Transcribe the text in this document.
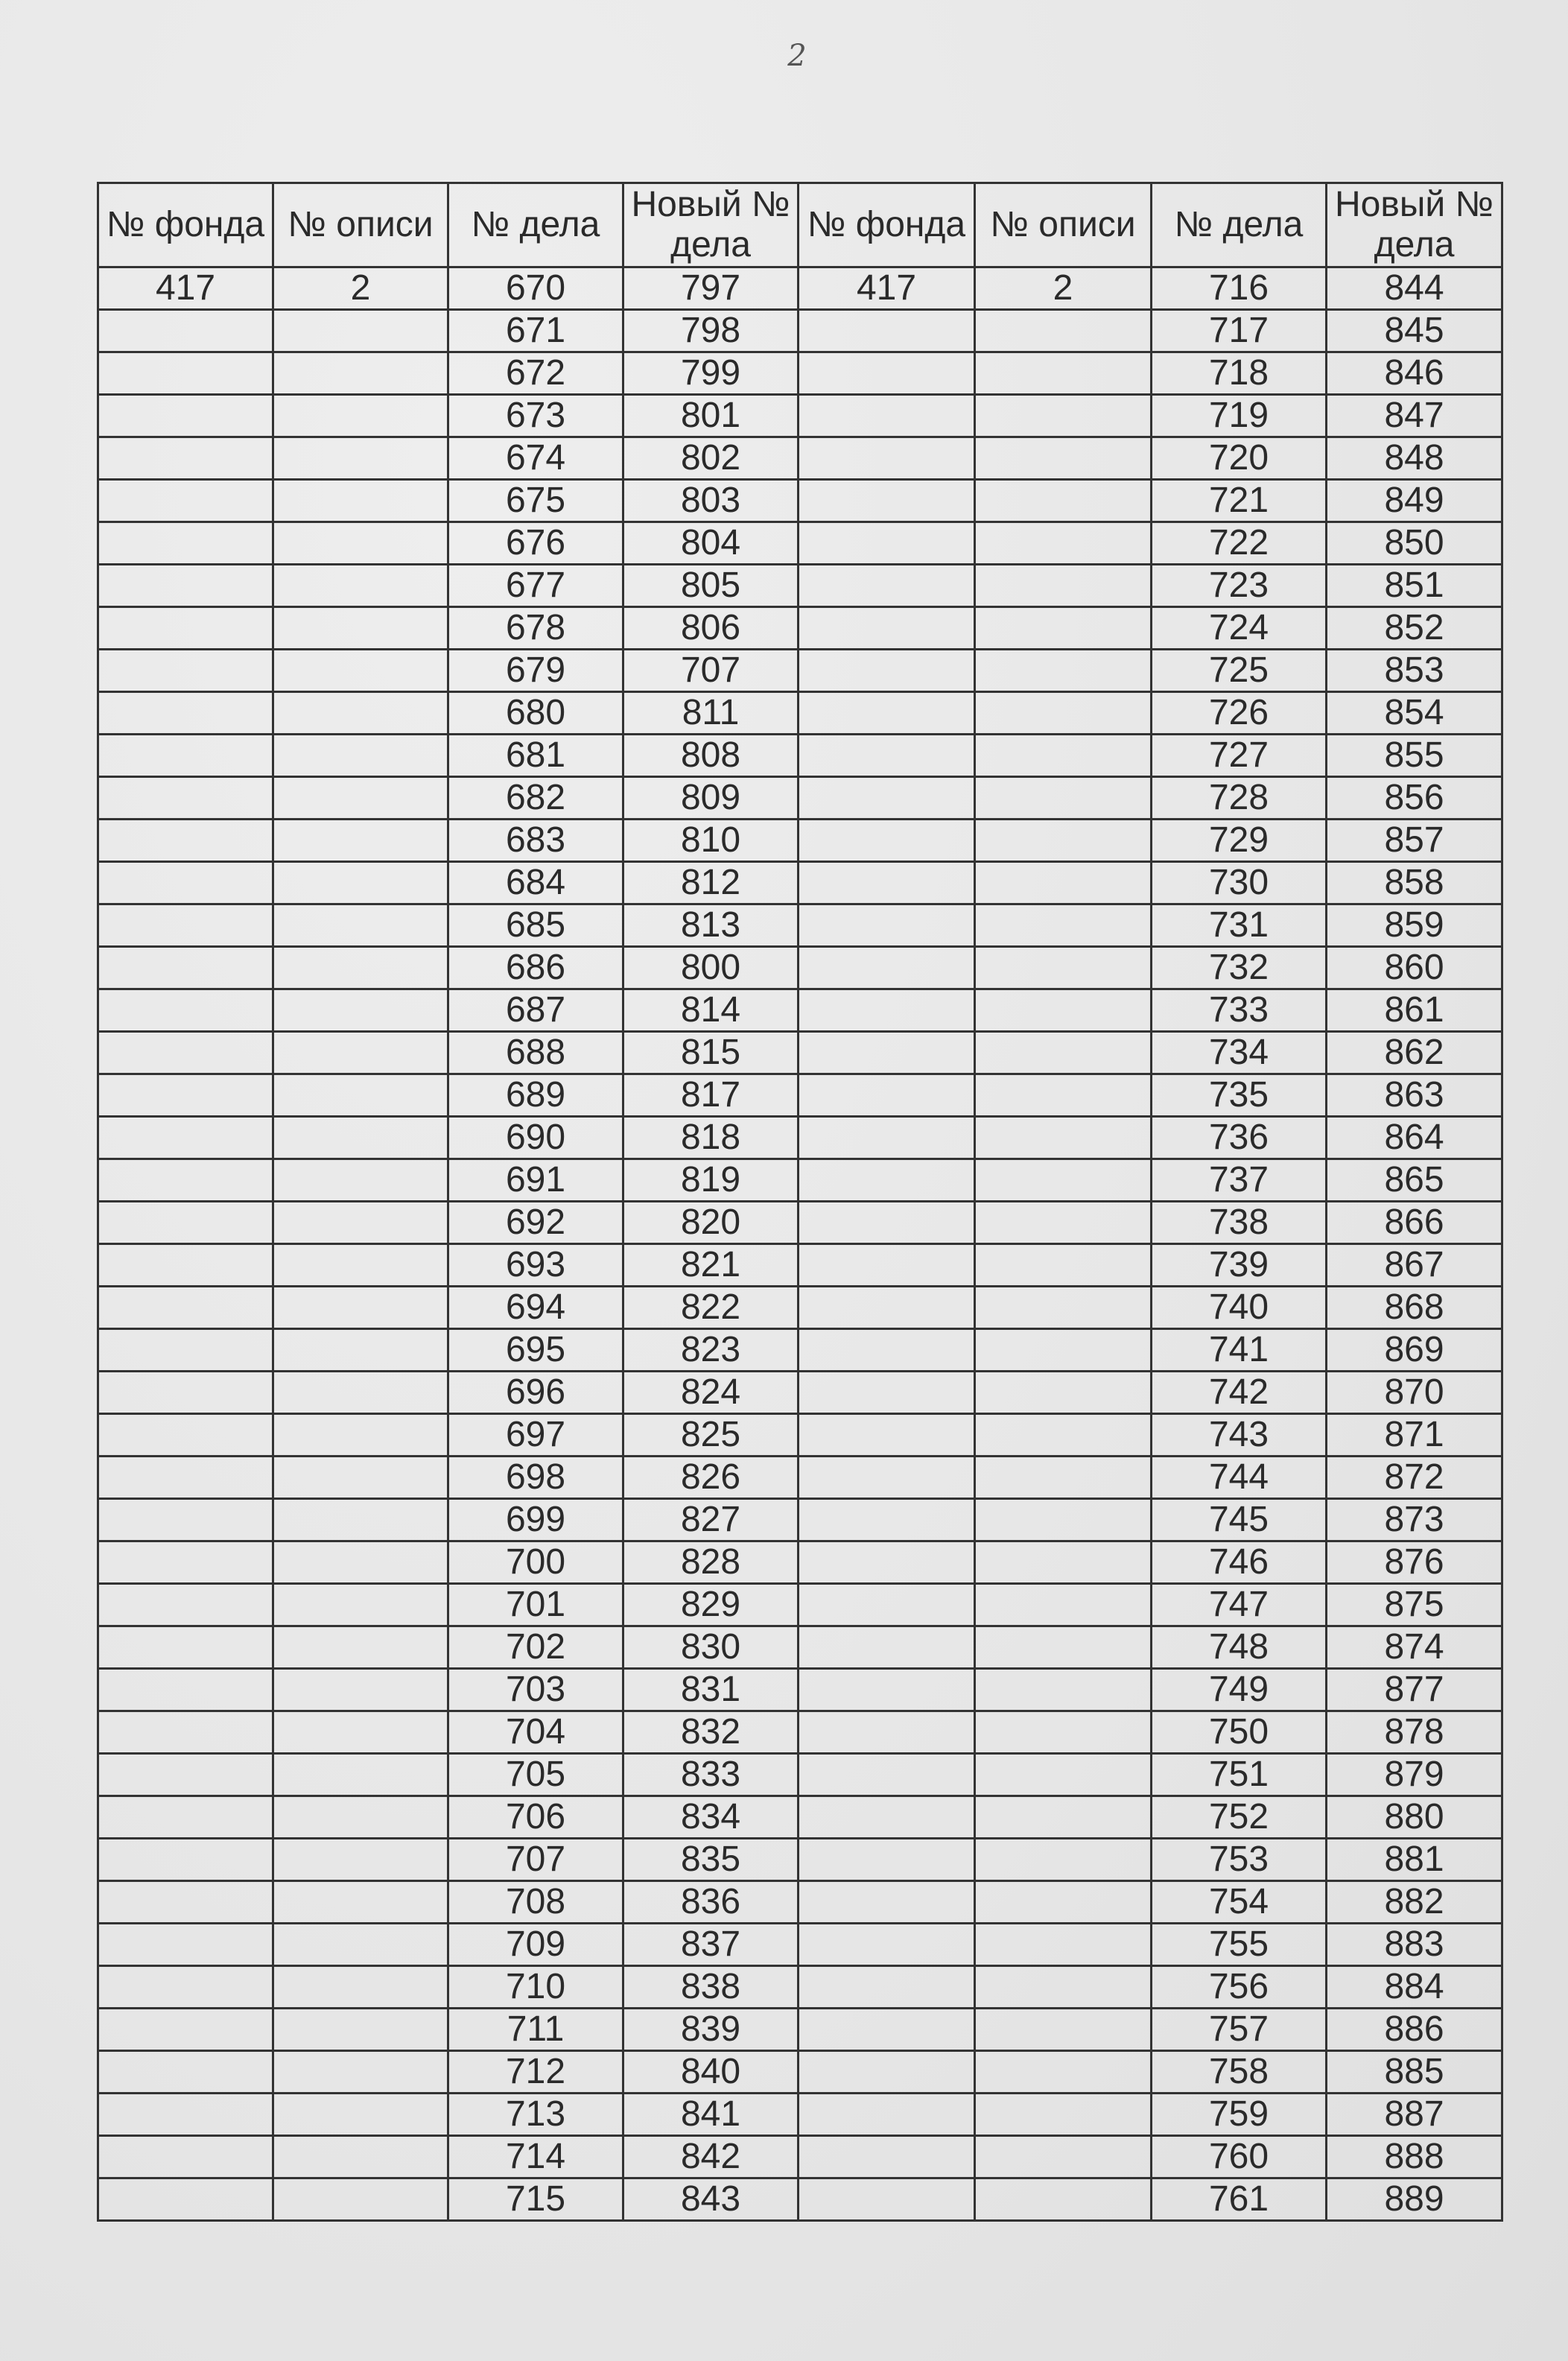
2
№ фонда	№ описи	№ дела	Новый № дела	№ фонда	№ описи	№ дела	Новый № дела
417	2	670	797	417	2	716	844
		671	798			717	845
		672	799			718	846
		673	801			719	847
		674	802			720	848
		675	803			721	849
		676	804			722	850
		677	805			723	851
		678	806			724	852
		679	707			725	853
		680	811			726	854
		681	808			727	855
		682	809			728	856
		683	810			729	857
		684	812			730	858
		685	813			731	859
		686	800			732	860
		687	814			733	861
		688	815			734	862
		689	817			735	863
		690	818			736	864
		691	819			737	865
		692	820			738	866
		693	821			739	867
		694	822			740	868
		695	823			741	869
		696	824			742	870
		697	825			743	871
		698	826			744	872
		699	827			745	873
		700	828			746	876
		701	829			747	875
		702	830			748	874
		703	831			749	877
		704	832			750	878
		705	833			751	879
		706	834			752	880
		707	835			753	881
		708	836			754	882
		709	837			755	883
		710	838			756	884
		711	839			757	886
		712	840			758	885
		713	841			759	887
		714	842			760	888
		715	843			761	889
